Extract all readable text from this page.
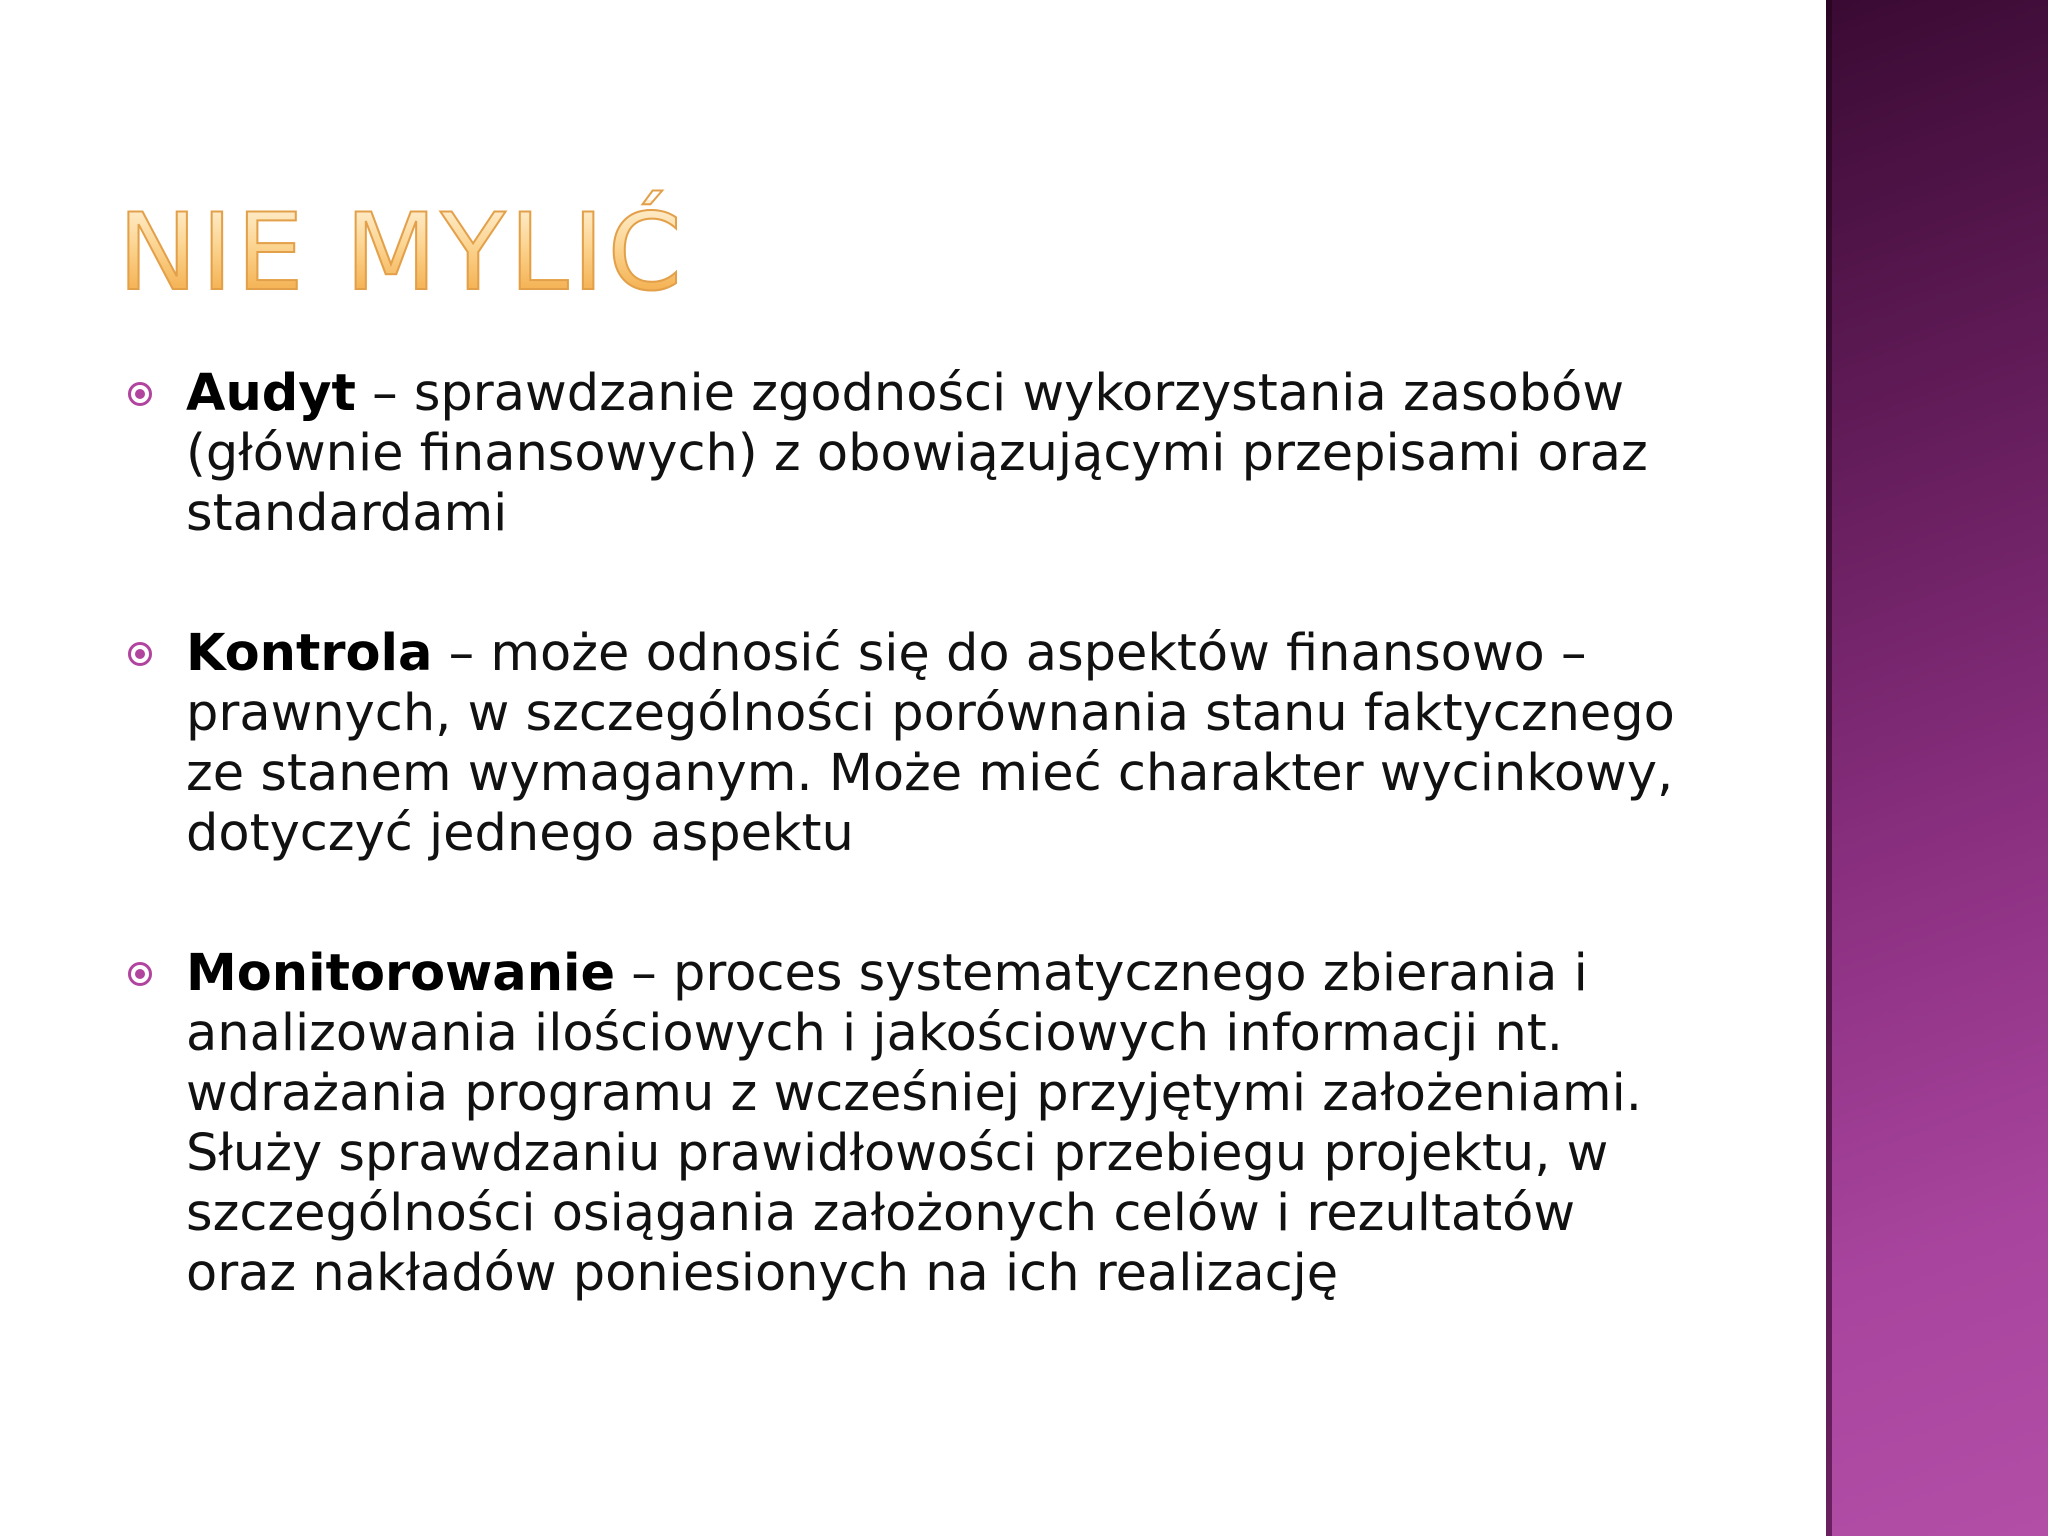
NIE MYLIĆ
Audyt – sprawdzanie zgodności wykorzystania zasobów (głównie finansowych) z obowiązującymi przepisami oraz standardami
Kontrola – może odnosić się do aspektów finansowo – prawnych, w szczególności porównania stanu faktycznego ze stanem wymaganym. Może mieć charakter wycinkowy, dotyczyć jednego aspektu
Monitorowanie – proces systematycznego zbierania i analizowania ilościowych i jakościowych informacji nt. wdrażania programu z wcześniej przyjętymi założeniami. Służy sprawdzaniu prawidłowości przebiegu projektu, w szczególności osiągania założonych celów i rezultatów oraz nakładów poniesionych na ich realizację
